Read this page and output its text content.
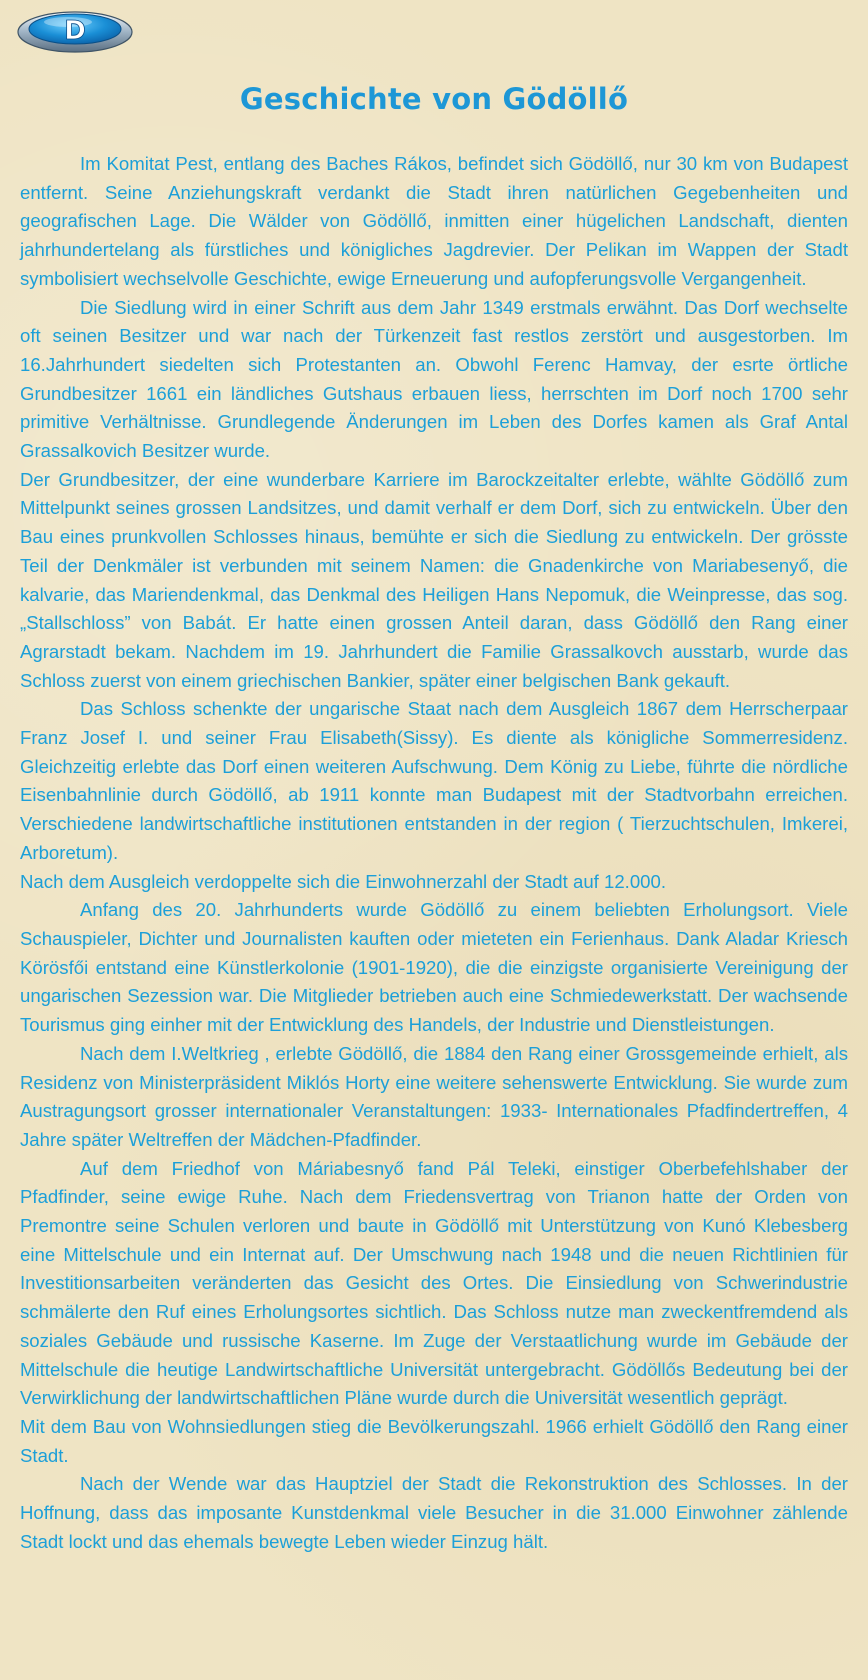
D
Geschichte von Gödöllő

Im Komitat Pest, entlang des Baches Rákos, befindet sich Gödöllő, nur 30 km von Budapest entfernt. Seine Anziehungskraft verdankt die Stadt ihren natürlichen Gegebenheiten und geografischen Lage. Die Wälder von Gödöllő, inmitten einer hügelichen Landschaft, dienten jahrhundertelang als fürstliches und königliches Jagdrevier. Der Pelikan im Wappen der Stadt symbolisiert wechselvolle Geschichte, ewige Erneuerung und aufopferungsvolle Vergangenheit.

Die Siedlung wird in einer Schrift aus dem Jahr 1349 erstmals erwähnt. Das Dorf wechselte oft seinen Besitzer und war nach der Türkenzeit fast restlos zerstört und ausgestorben. Im 16.Jahrhundert siedelten sich Protestanten an. Obwohl Ferenc Hamvay, der esrte örtliche Grundbesitzer 1661 ein ländliches Gutshaus erbauen liess, herrschten im Dorf noch 1700 sehr primitive Verhältnisse. Grundlegende Änderungen im Leben des Dorfes kamen als Graf Antal Grassalkovich Besitzer wurde.

Der Grundbesitzer, der eine wunderbare Karriere im Barockzeitalter erlebte, wählte Gödöllő zum Mittelpunkt seines grossen Landsitzes, und damit verhalf er dem Dorf, sich zu entwickeln. Über den Bau eines prunkvollen Schlosses hinaus, bemühte er sich die Siedlung zu entwickeln. Der grösste Teil der Denkmäler ist verbunden mit seinem Namen: die Gnadenkirche von Mariabesenyő, die kalvarie, das Mariendenkmal, das Denkmal des Heiligen Hans Nepomuk, die Weinpresse, das sog. „Stallschloss” von Babát. Er hatte einen grossen Anteil daran, dass Gödöllő den Rang einer Agrarstadt bekam. Nachdem im 19. Jahrhundert die Familie Grassalkovch ausstarb, wurde das Schloss zuerst von einem griechischen Bankier, später einer belgischen Bank gekauft.

Das Schloss schenkte der ungarische Staat nach dem Ausgleich 1867 dem Herrscherpaar Franz Josef I. und seiner Frau Elisabeth(Sissy). Es diente als königliche Sommerresidenz. Gleichzeitig erlebte das Dorf einen weiteren Aufschwung. Dem König zu Liebe, führte die nördliche Eisenbahnlinie durch Gödöllő, ab 1911 konnte man Budapest mit der Stadtvorbahn erreichen. Verschiedene landwirtschaftliche institutionen entstanden in der region ( Tierzuchtschulen, Imkerei, Arboretum).

Nach dem Ausgleich verdoppelte sich die Einwohnerzahl der Stadt auf 12.000.

Anfang des 20. Jahrhunderts wurde Gödöllő zu einem beliebten Erholungsort. Viele Schauspieler, Dichter und Journalisten kauften oder mieteten ein Ferienhaus. Dank Aladar Kriesch Körösfői entstand eine Künstlerkolonie (1901-1920), die die einzigste organisierte Vereinigung der ungarischen Sezession war. Die Mitglieder betrieben auch eine Schmiedewerkstatt. Der wachsende Tourismus ging einher mit der Entwicklung des Handels, der Industrie und Dienstleistungen.

Nach dem I.Weltkrieg , erlebte Gödöllő, die 1884 den Rang einer Grossgemeinde erhielt, als Residenz von Ministerpräsident Miklós Horty eine weitere sehenswerte Entwicklung. Sie wurde zum Austragungsort grosser internationaler Veranstaltungen: 1933- Internationales Pfadfindertreffen, 4 Jahre später Weltreffen der Mädchen-Pfadfinder.

Auf dem Friedhof von Máriabesnyő fand Pál Teleki, einstiger Oberbefehlshaber der Pfadfinder, seine ewige Ruhe. Nach dem Friedensvertrag von Trianon hatte der Orden von Premontre seine Schulen verloren und baute in Gödöllő mit Unterstützung von Kunó Klebesberg eine Mittelschule und ein Internat auf. Der Umschwung nach 1948 und die neuen Richtlinien für Investitionsarbeiten veränderten das Gesicht des Ortes. Die Einsiedlung von Schwerindustrie schmälerte den Ruf eines Erholungsortes sichtlich. Das Schloss nutze man zweckentfremdend als soziales Gebäude und russische Kaserne. Im Zuge der Verstaatlichung wurde im Gebäude der Mittelschule die heutige Landwirtschaftliche Universität untergebracht. Gödöllős Bedeutung bei der Verwirklichung der landwirtschaftlichen Pläne wurde durch die Universität wesentlich geprägt.

Mit dem Bau von Wohnsiedlungen stieg die Bevölkerungszahl. 1966 erhielt Gödöllő den Rang einer Stadt.

Nach der Wende war das Hauptziel der Stadt die Rekonstruktion des Schlosses. In der Hoffnung, dass das imposante Kunstdenkmal viele Besucher in die 31.000 Einwohner zählende Stadt lockt und das ehemals bewegte Leben wieder Einzug hält.
